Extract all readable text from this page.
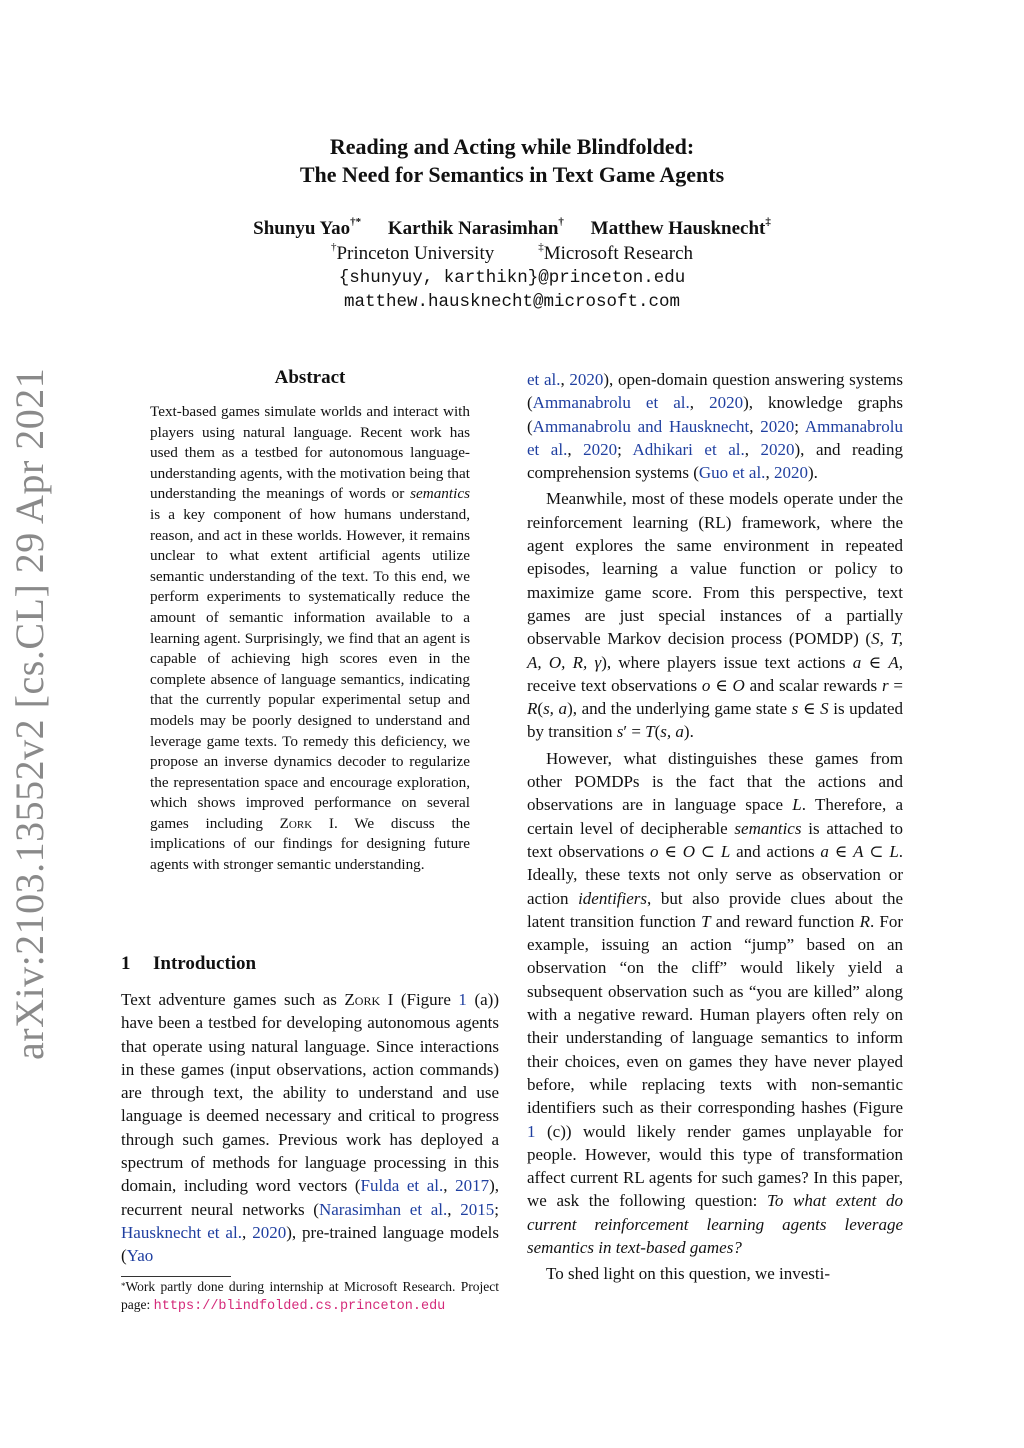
arXiv:2103.13552v2 [cs.CL] 29 Apr 2021
Reading and Acting while Blindfolded:
The Need for Semantics in Text Game Agents
Shunyu Yao†* Karthik Narasimhan† Matthew Hausknecht‡
†Princeton University	‡Microsoft Research
{shunyuy, karthikn}@princeton.edu
matthew.hausknecht@microsoft.com
Abstract
Text-based games simulate worlds and interact with players using natural language. Recent work has used them as a testbed for autonomous language-understanding agents, with the motivation being that understanding the meanings of words or semantics is a key component of how humans understand, reason, and act in these worlds. However, it remains unclear to what extent artificial agents utilize semantic understanding of the text. To this end, we perform experiments to systematically reduce the amount of semantic information available to a learning agent. Surprisingly, we find that an agent is capable of achieving high scores even in the complete absence of language semantics, indicating that the currently popular experimental setup and models may be poorly designed to understand and leverage game texts. To remedy this deficiency, we propose an inverse dynamics decoder to regularize the representation space and encourage exploration, which shows improved performance on several games including Zork I. We discuss the implications of our findings for designing future agents with stronger semantic understanding.
1 Introduction
Text adventure games such as Zork I (Figure 1 (a)) have been a testbed for developing autonomous agents that operate using natural language. Since interactions in these games (input observations, action commands) are through text, the ability to understand and use language is deemed necessary and critical to progress through such games. Previous work has deployed a spectrum of methods for language processing in this domain, including word vectors (Fulda et al., 2017), recurrent neural networks (Narasimhan et al., 2015; Hausknecht et al., 2020), pre-trained language models (Yao
*Work partly done during internship at Microsoft Research. Project page: https://blindfolded.cs.princeton.edu

et al., 2020), open-domain question answering systems (Ammanabrolu et al., 2020), knowledge graphs (Ammanabrolu and Hausknecht, 2020; Ammanabrolu et al., 2020; Adhikari et al., 2020), and reading comprehension systems (Guo et al., 2020).

Meanwhile, most of these models operate under the reinforcement learning (RL) framework, where the agent explores the same environment in repeated episodes, learning a value function or policy to maximize game score. From this perspective, text games are just special instances of a partially observable Markov decision process (POMDP) (S, T, A, O, R, γ), where players issue text actions a ∈ A, receive text observations o ∈ O and scalar rewards r = R(s, a), and the underlying game state s ∈ S is updated by transition s′ = T(s, a).

However, what distinguishes these games from other POMDPs is the fact that the actions and observations are in language space L. Therefore, a certain level of decipherable semantics is attached to text observations o ∈ O ⊂ L and actions a ∈ A ⊂ L. Ideally, these texts not only serve as observation or action identifiers, but also provide clues about the latent transition function T and reward function R. For example, issuing an action “jump” based on an observation “on the cliff” would likely yield a subsequent observation such as “you are killed” along with a negative reward. Human players often rely on their understanding of language semantics to inform their choices, even on games they have never played before, while replacing texts with non-semantic identifiers such as their corresponding hashes (Figure 1 (c)) would likely render games unplayable for people. However, would this type of transformation affect current RL agents for such games? In this paper, we ask the following question: To what extent do current reinforcement learning agents leverage semantics in text-based games?

To shed light on this question, we investi-
